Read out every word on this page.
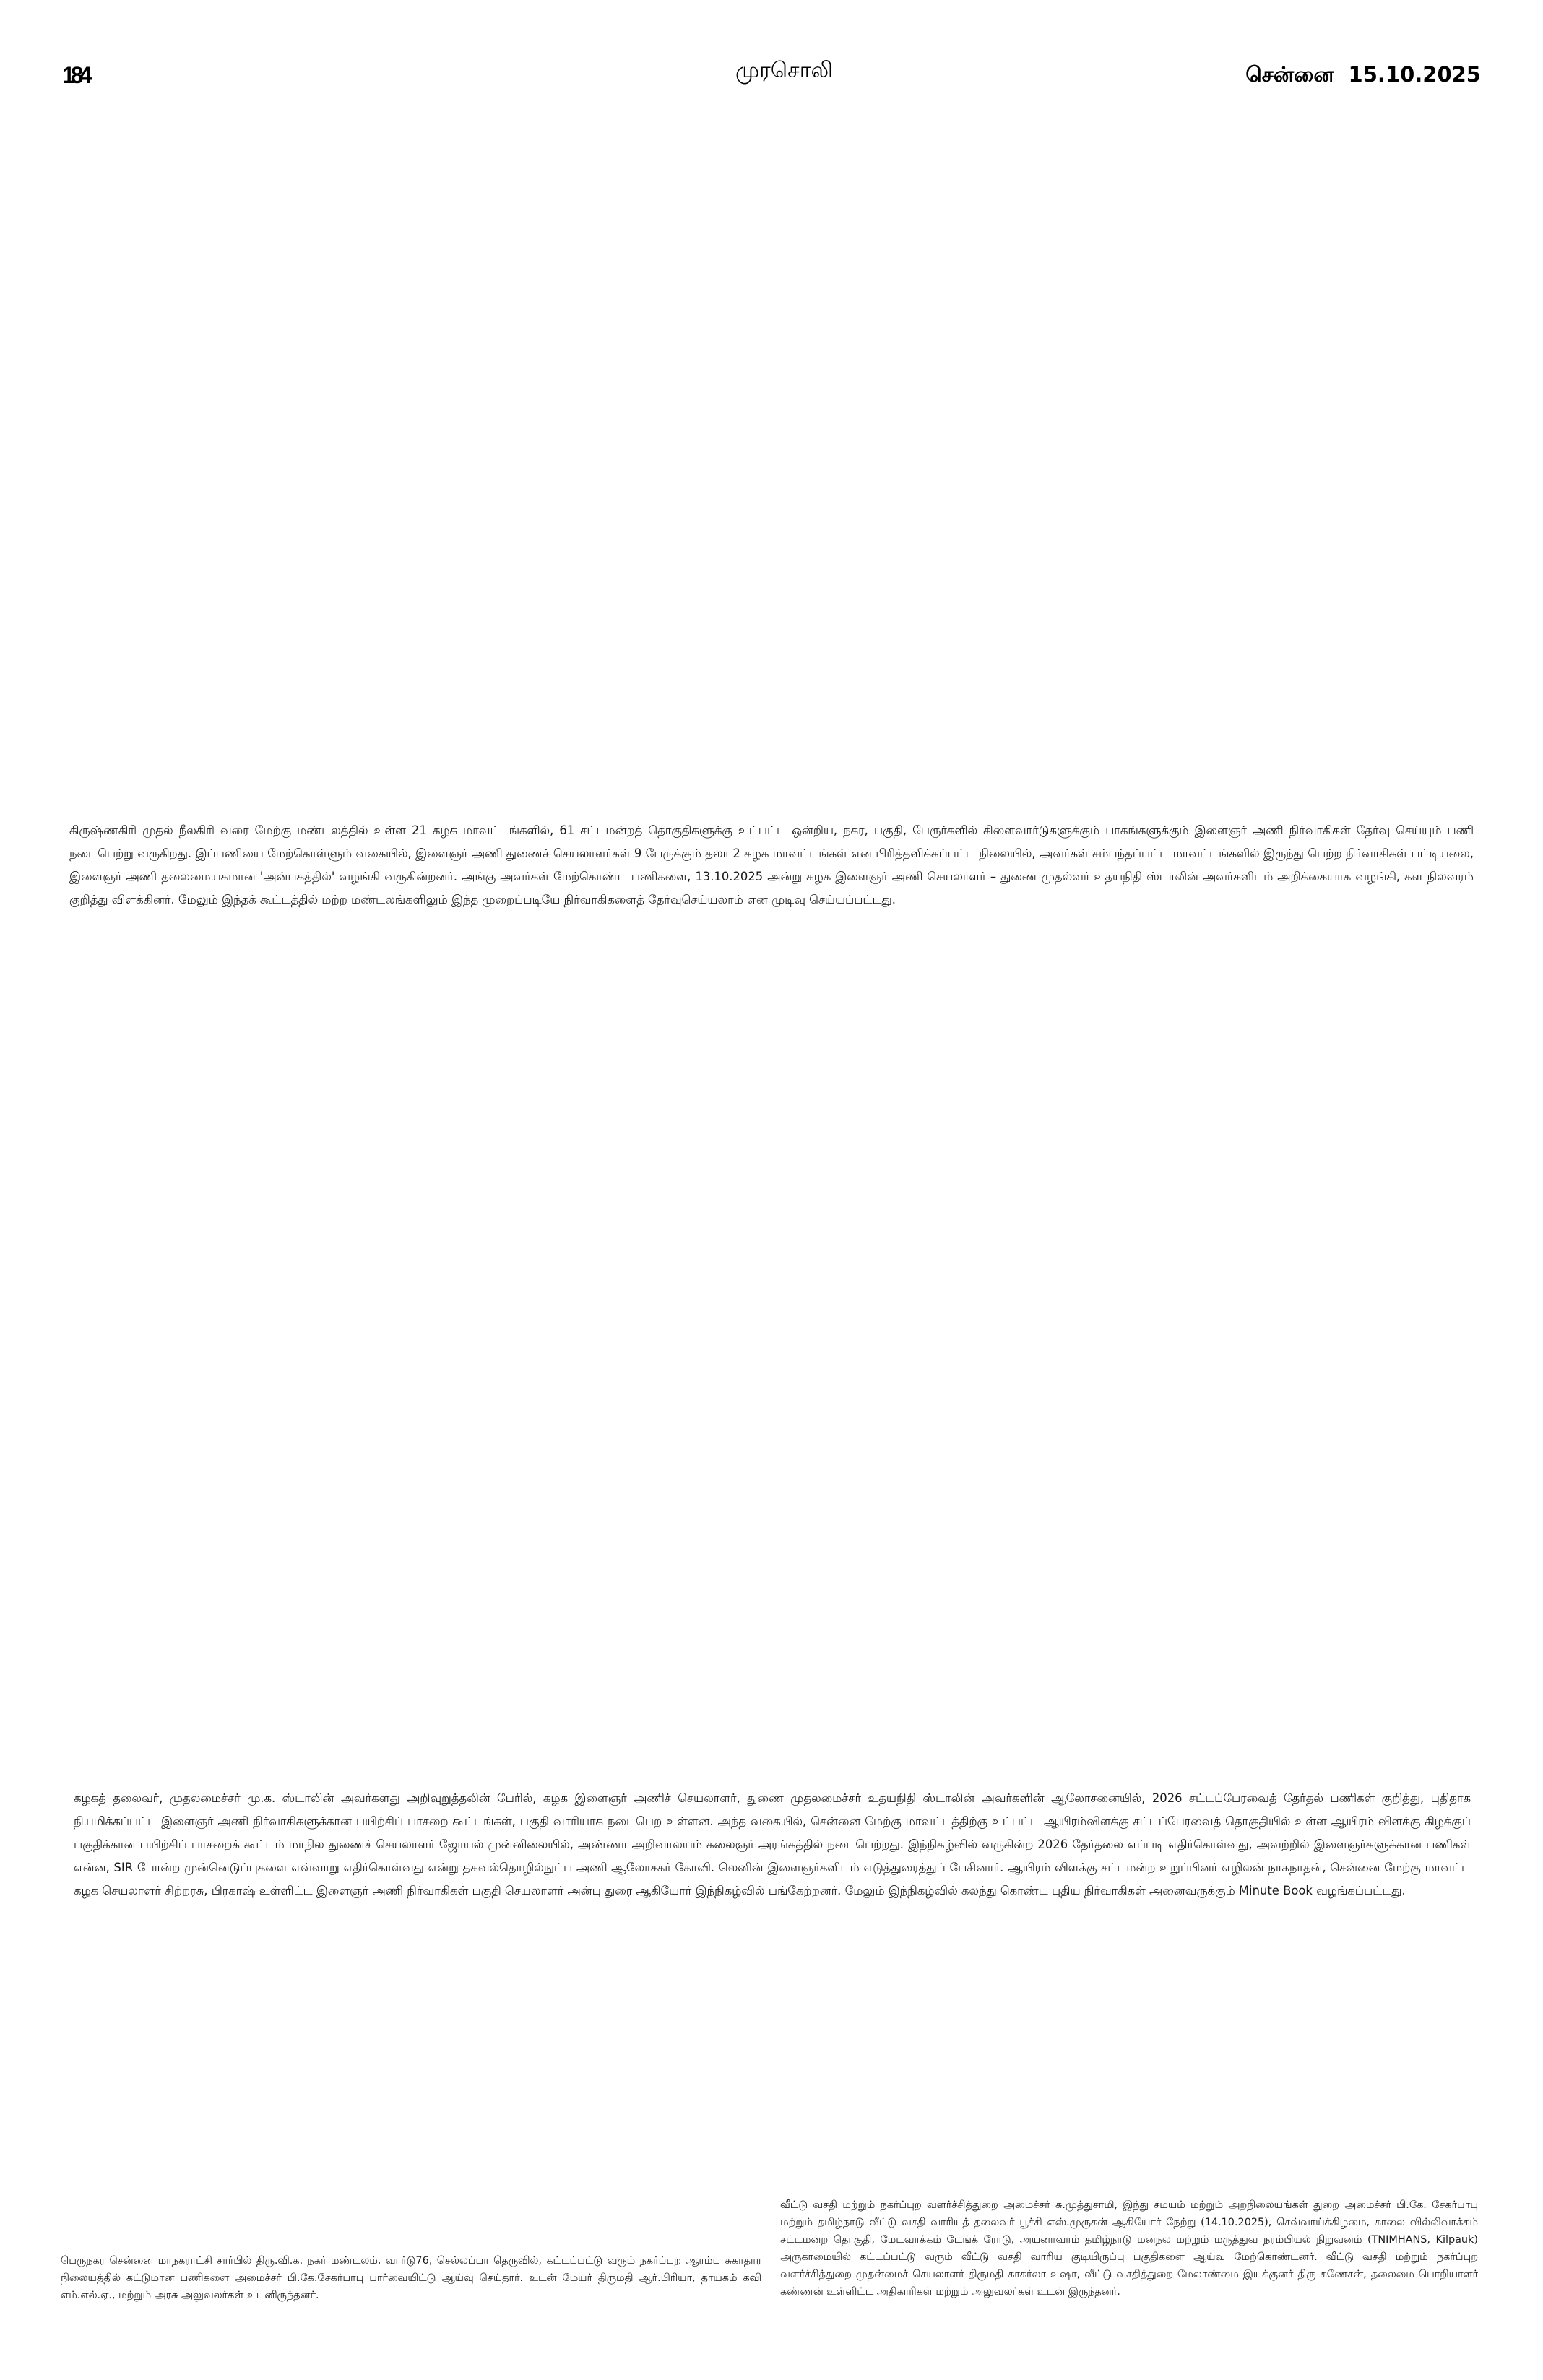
184	முரசொலி	சென்னை 15.10.2025
கிருஷ்ணகிரி முதல் நீலகிரி வரை மேற்கு மண்டலத்தில் உள்ள 21 கழக மாவட்டங்களில், 61 சட்டமன்றத் தொகுதிகளுக்கு உட்பட்ட ஒன்றிய, நகர, பகுதி, பேரூர்களில் கிளைவார்டுகளுக்கும் பாகங்களுக்கும் இளைஞர் அணி நிர்வாகிகள் தேர்வு செய்யும் பணி நடைபெற்று வருகிறது. இப்பணியை மேற்கொள்ளும் வகையில், இளைஞர் அணி துணைச் செயலாளர்கள் 9 பேருக்கும் தலா 2 கழக மாவட்டங்கள் என பிரித்தளிக்கப்பட்ட நிலையில், அவர்கள் சம்பந்தப்பட்ட மாவட்டங்களில் இருந்து பெற்ற நிர்வாகிகள் பட்டியலை, இளைஞர் அணி தலைமையகமான 'அன்பகத்தில்' வழங்கி வருகின்றனர். அங்கு அவர்கள் மேற்கொண்ட பணிகளை, 13.10.2025 அன்று கழக இளைஞர் அணி செயலாளர் – துணை முதல்வர் உதயநிதி ஸ்டாலின் அவர்களிடம் அறிக்கையாக வழங்கி, கள நிலவரம் குறித்து விளக்கினர். மேலும் இந்தக் கூட்டத்தில் மற்ற மண்டலங்களிலும் இந்த முறைப்படியே நிர்வாகிகளைத் தேர்வுசெய்யலாம் என முடிவு செய்யப்பட்டது.
கழகத் தலைவர், முதலமைச்சர் மு.க. ஸ்டாலின் அவர்களது அறிவுறுத்தலின் பேரில், கழக இளைஞர் அணிச் செயலாளர், துணை முதலமைச்சர் உதயநிதி ஸ்டாலின் அவர்களின் ஆலோசனையில், 2026 சட்டப்பேரவைத் தேர்தல் பணிகள் குறித்து, புதிதாக நியமிக்கப்பட்ட இளைஞர் அணி நிர்வாகிகளுக்கான பயிற்சிப் பாசறை கூட்டங்கள், பகுதி வாரியாக நடைபெற உள்ளன. அந்த வகையில், சென்னை மேற்கு மாவட்டத்திற்கு உட்பட்ட ஆயிரம்விளக்கு சட்டப்பேரவைத் தொகுதியில் உள்ள ஆயிரம் விளக்கு கிழக்குப் பகுதிக்கான பயிற்சிப் பாசறைக் கூட்டம் மாநில துணைச் செயலாளர் ஜோயல் முன்னிலையில், அண்ணா அறிவாலயம் கலைஞர் அரங்கத்தில் நடைபெற்றது. இந்நிகழ்வில் வருகின்ற 2026 தேர்தலை எப்படி எதிர்கொள்வது, அவற்றில் இளைஞர்களுக்கான பணிகள் என்ன, SIR போன்ற முன்னெடுப்புகளை எவ்வாறு எதிர்கொள்வது என்று தகவல்தொழில்நுட்ப அணி ஆலோசகர் கோவி. லெனின் இளைஞர்களிடம் எடுத்துரைத்துப் பேசினார். ஆயிரம் விளக்கு சட்டமன்ற உறுப்பினர் எழிலன் நாகநாதன், சென்னை மேற்கு மாவட்ட கழக செயலாளர் சிற்றரசு, பிரகாஷ் உள்ளிட்ட இளைஞர் அணி நிர்வாகிகள் பகுதி செயலாளர் அன்பு துரை ஆகியோர் இந்நிகழ்வில் பங்கேற்றனர். மேலும் இந்நிகழ்வில் கலந்து கொண்ட புதிய நிர்வாகிகள் அனைவருக்கும் Minute Book வழங்கப்பட்டது.
பெருநகர சென்னை மாநகராட்சி சார்பில் திரு.வி.க. நகர் மண்டலம், வார்டு76, செல்லப்பா தெருவில், கட்டப்பட்டு வரும் நகர்ப்புற ஆரம்ப சுகாதார நிலையத்தில் கட்டுமான பணிகளை அமைச்சர் பி.கே.சேகர்பாபு பார்வையிட்டு ஆய்வு செய்தார். உடன் மேயர் திருமதி ஆர்.பிரியா, தாயகம் கவி எம்.எல்.ஏ., மற்றும் அரசு அலுவலர்கள் உடனிருந்தனர்.
வீட்டு வசதி மற்றும் நகர்ப்புற வளர்ச்சித்துறை அமைச்சர் சு.முத்துசாமி, இந்து சமயம் மற்றும் அறநிலையங்கள் துறை அமைச்சர் பி.கே. சேகர்பாபு மற்றும் தமிழ்நாடு வீட்டு வசதி வாரியத் தலைவர் பூச்சி எஸ்.முருகன் ஆகியோர் நேற்று (14.10.2025), செவ்வாய்க்கிழமை, காலை வில்லிவாக்கம் சட்டமன்ற தொகுதி, மேடவாக்கம் டேங்க் ரோடு, அயனாவரம் தமிழ்நாடு மனநல மற்றும் மருத்துவ நரம்பியல் நிறுவனம் (TNIMHANS, Kilpauk) அருகாமையில் கட்டப்பட்டு வரும் வீட்டு வசதி வாரிய குடியிருப்பு பகுதிகளை ஆய்வு மேற்கொண்டனர். வீட்டு வசதி மற்றும் நகர்ப்புற வளர்ச்சித்துறை முதன்மைச் செயலாளர் திருமதி காகர்லா உஷா, வீட்டு வசதித்துறை மேலாண்மை இயக்குனர் திரு கணேசன், தலைமை பொறியாளர் கண்ணன் உள்ளிட்ட அதிகாரிகள் மற்றும் அலுவலர்கள் உடன் இருந்தனர்.
